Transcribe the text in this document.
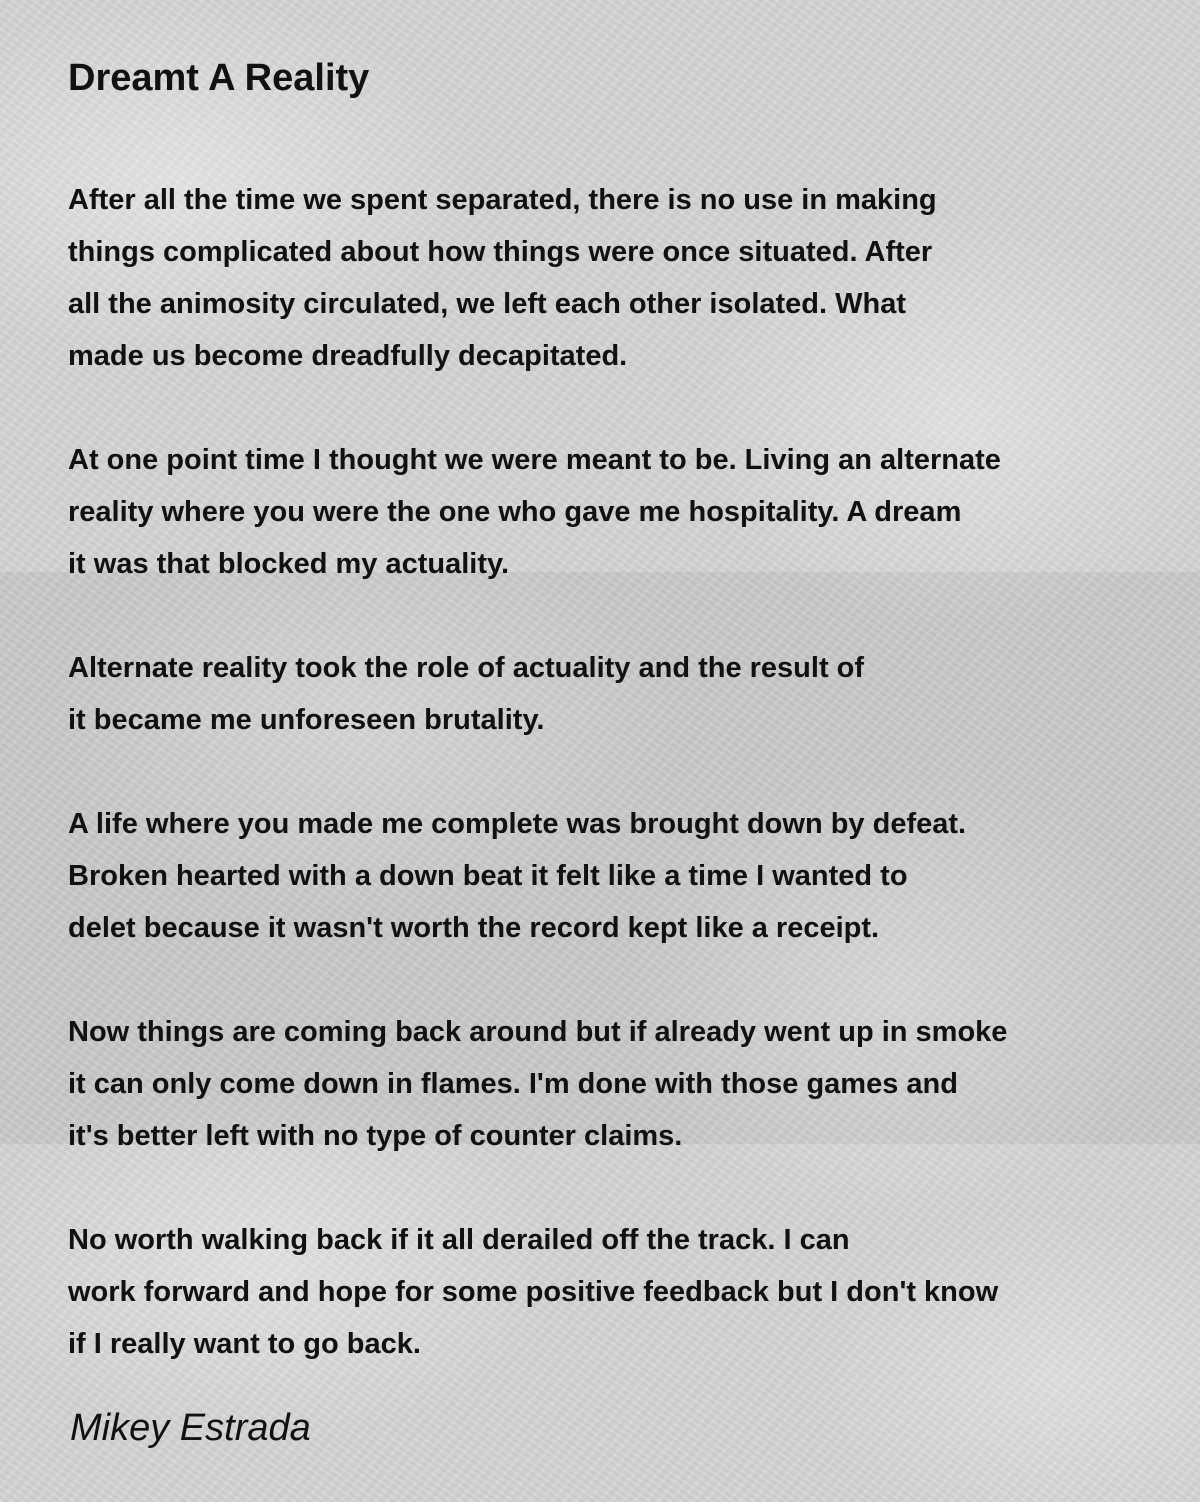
Dreamt A Reality

After all the time we spent separated, there is no use in making
things complicated about how things were once situated. After
all the animosity circulated, we left each other isolated. What
made us become dreadfully decapitated.

At one point time I thought we were meant to be. Living an alternate
reality where you were the one who gave me hospitality. A dream
it was that blocked my actuality.

Alternate reality took the role of actuality and the result of
it became me unforeseen brutality.

A life where you made me complete was brought down by defeat.
Broken hearted with a down beat it felt like a time I wanted to
delet because it wasn't worth the record kept like a receipt.

Now things are coming back around but if already went up in smoke
it can only come down in flames. I'm done with those games and
it's better left with no type of counter claims.

No worth walking back if it all derailed off the track. I can
work forward and hope for some positive feedback but I don't know
if I really want to go back.

Mikey Estrada
